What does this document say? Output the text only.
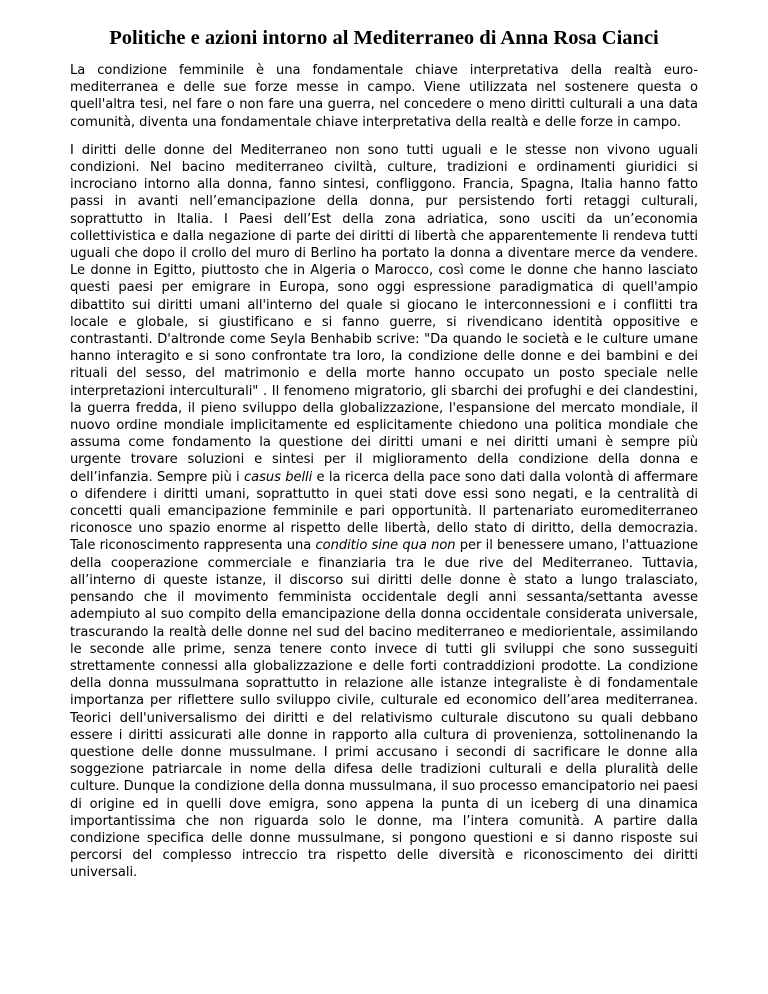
Politiche e azioni intorno al Mediterraneo di Anna Rosa Cianci

La condizione femminile è una fondamentale chiave interpretativa della realtà euro-mediterranea e delle sue forze messe in campo. Viene utilizzata nel sostenere questa o quell'altra tesi, nel fare o non fare una guerra, nel concedere o meno diritti culturali a una data comunità, diventa una fondamentale chiave interpretativa della realtà e delle forze in campo.

I diritti delle donne del Mediterraneo non sono tutti uguali e le stesse non vivono uguali condizioni. Nel bacino mediterraneo civiltà, culture, tradizioni e ordinamenti giuridici si incrociano intorno alla donna, fanno sintesi, confliggono. Francia, Spagna, Italia hanno fatto passi in avanti nell’emancipazione della donna, pur persistendo forti retaggi culturali, soprattutto in Italia. I Paesi dell’Est della zona adriatica, sono usciti da un’economia collettivistica e dalla negazione di parte dei diritti di libertà che apparentemente li rendeva tutti uguali che dopo il crollo del muro di Berlino ha portato la donna a diventare merce da vendere. Le donne in Egitto, piuttosto che in Algeria o Marocco, così come le donne che hanno lasciato questi paesi per emigrare in Europa, sono oggi espressione paradigmatica di quell'ampio dibattito sui diritti umani all'interno del quale si giocano le interconnessioni e i conflitti tra locale e globale, si giustificano e si fanno guerre, si rivendicano identità oppositive e contrastanti. D'altronde come Seyla Benhabib scrive: "Da quando le società e le culture umane hanno interagito e si sono confrontate tra loro, la condizione delle donne e dei bambini e dei rituali del sesso, del matrimonio e della morte hanno occupato un posto speciale nelle interpretazioni interculturali" . Il fenomeno migratorio, gli sbarchi dei profughi e dei clandestini, la guerra fredda, il pieno sviluppo della globalizzazione, l'espansione del mercato mondiale, il nuovo ordine mondiale implicitamente ed esplicitamente chiedono una politica mondiale che assuma come fondamento la questione dei diritti umani e nei diritti umani è sempre più urgente trovare soluzioni e sintesi per il miglioramento della condizione della donna e dell’infanzia. Sempre più i casus belli e la ricerca della pace sono dati dalla volontà di affermare o difendere i diritti umani, soprattutto in quei stati dove essi sono negati, e la centralità di concetti quali emancipazione femminile e pari opportunità. Il partenariato euromediterraneo riconosce uno spazio enorme al rispetto delle libertà, dello stato di diritto, della democrazia. Tale riconoscimento rappresenta una conditio sine qua non per il benessere umano, l'attuazione della cooperazione commerciale e finanziaria tra le due rive del Mediterraneo. Tuttavia, all’interno di queste istanze, il discorso sui diritti delle donne è stato a lungo tralasciato, pensando che il movimento femminista occidentale degli anni sessanta/settanta avesse adempiuto al suo compito della emancipazione della donna occidentale considerata universale, trascurando la realtà delle donne nel sud del bacino mediterraneo e mediorientale, assimilando le seconde alle prime, senza tenere conto invece di tutti gli sviluppi che sono susseguiti strettamente connessi alla globalizzazione e delle forti contraddizioni prodotte. La condizione della donna mussulmana soprattutto in relazione alle istanze integraliste è di fondamentale importanza per riflettere sullo sviluppo civile, culturale ed economico dell’area mediterranea. Teorici dell'universalismo dei diritti e del relativismo culturale discutono su quali debbano essere i diritti assicurati alle donne in rapporto alla cultura di provenienza, sottolinenando la questione delle donne mussulmane. I primi accusano i secondi di sacrificare le donne alla soggezione patriarcale in nome della difesa delle tradizioni culturali e della pluralità delle culture. Dunque la condizione della donna mussulmana, il suo processo emancipatorio nei paesi di origine ed in quelli dove emigra, sono appena la punta di un iceberg di una dinamica importantissima che non riguarda solo le donne, ma l’intera comunità. A partire dalla condizione specifica delle donne mussulmane, si pongono questioni e si danno risposte sui percorsi del complesso intreccio tra rispetto delle diversità e riconoscimento dei diritti universali.
